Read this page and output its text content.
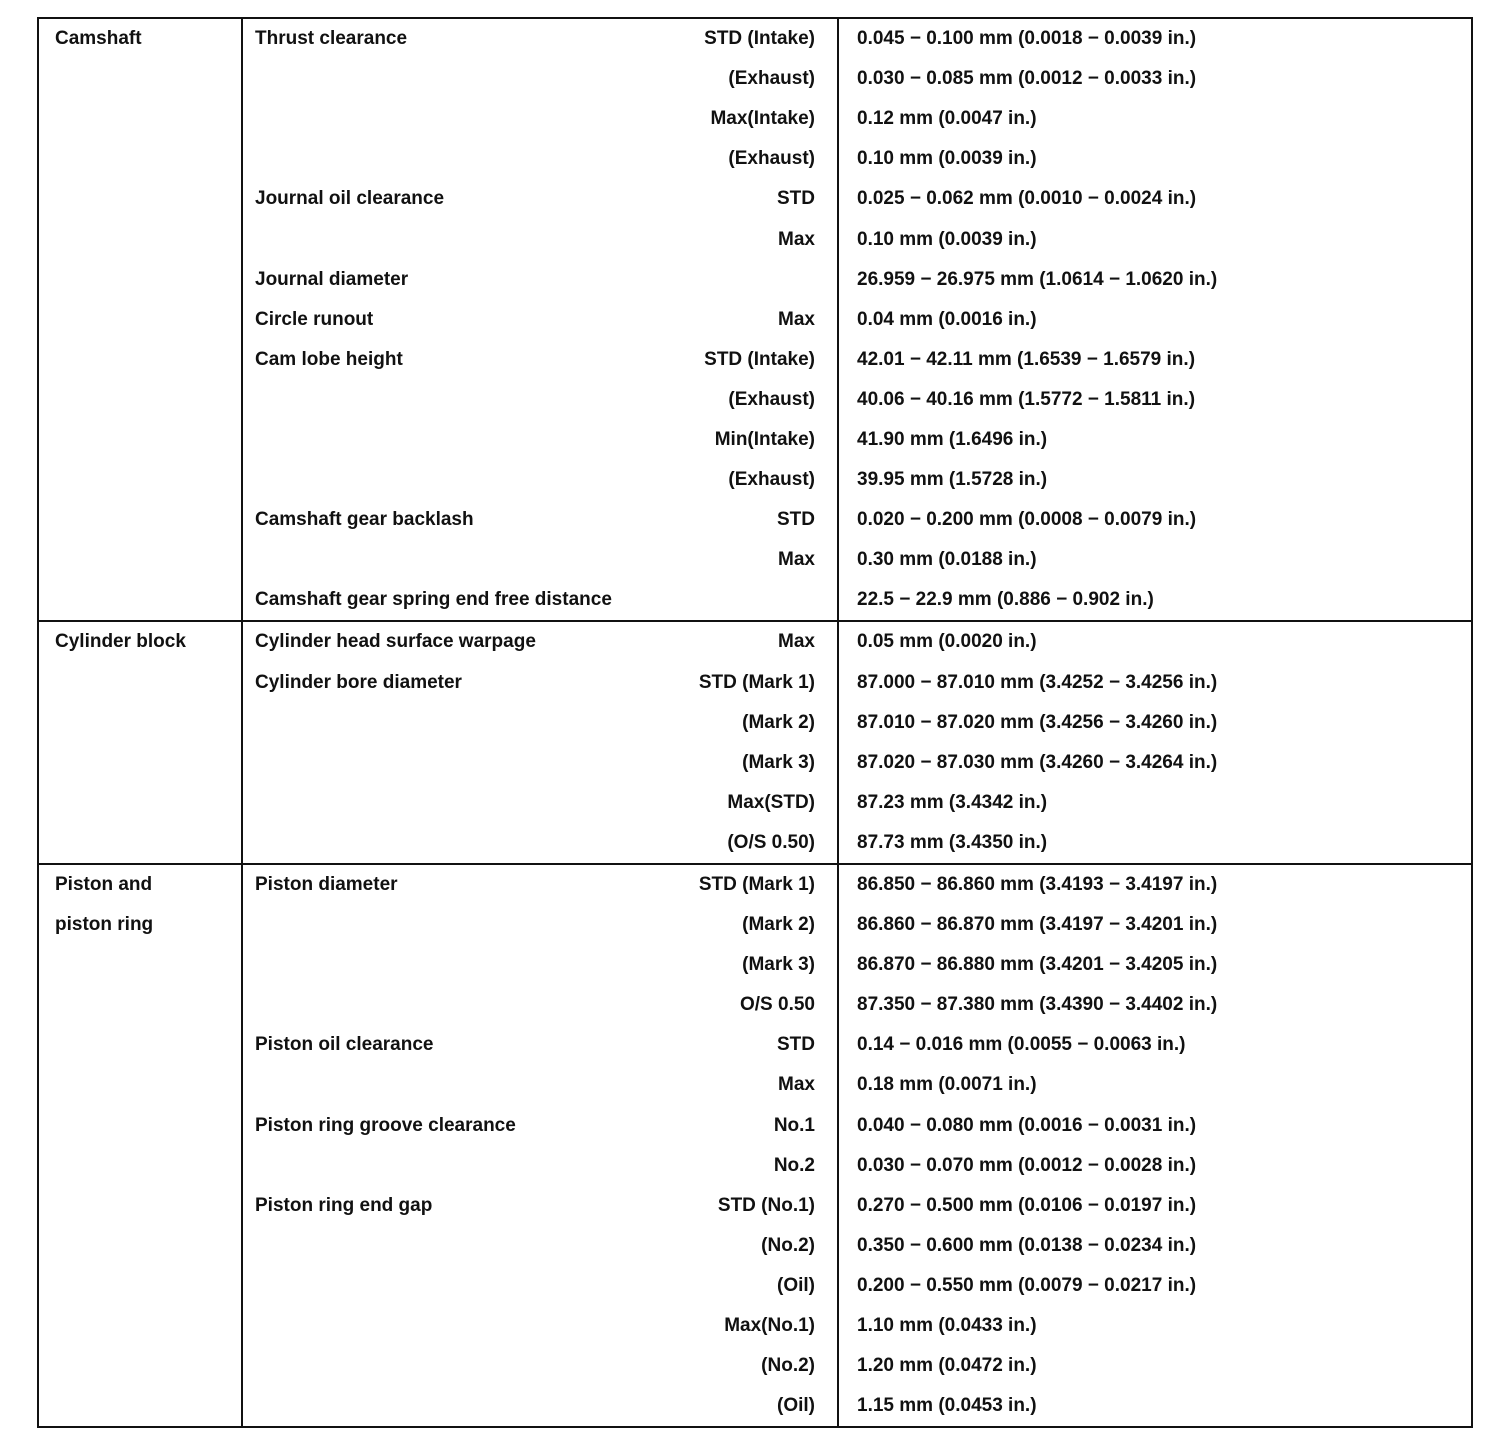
Camshaft	Thrust clearance	STD (Intake)	0.045 − 0.100 mm (0.0018 − 0.0039 in.)
		(Exhaust)	0.030 − 0.085 mm (0.0012 − 0.0033 in.)
		Max(Intake)	0.12 mm (0.0047 in.)
		(Exhaust)	0.10 mm (0.0039 in.)
	Journal oil clearance	STD	0.025 − 0.062 mm (0.0010 − 0.0024 in.)
		Max	0.10 mm (0.0039 in.)
	Journal diameter		26.959 − 26.975 mm (1.0614 − 1.0620 in.)
	Circle runout	Max	0.04 mm (0.0016 in.)
	Cam lobe height	STD (Intake)	42.01 − 42.11 mm (1.6539 − 1.6579 in.)
		(Exhaust)	40.06 − 40.16 mm (1.5772 − 1.5811 in.)
		Min(Intake)	41.90 mm (1.6496 in.)
		(Exhaust)	39.95 mm (1.5728 in.)
	Camshaft gear backlash	STD	0.020 − 0.200 mm (0.0008 − 0.0079 in.)
		Max	0.30 mm (0.0188 in.)
	Camshaft gear spring end free distance		22.5 − 22.9 mm (0.886 − 0.902 in.)

Cylinder block	Cylinder head surface warpage	Max	0.05 mm (0.0020 in.)
	Cylinder bore diameter	STD (Mark 1)	87.000 − 87.010 mm (3.4252 − 3.4256 in.)
		(Mark 2)	87.010 − 87.020 mm (3.4256 − 3.4260 in.)
		(Mark 3)	87.020 − 87.030 mm (3.4260 − 3.4264 in.)
		Max(STD)	87.23 mm (3.4342 in.)
		(O/S 0.50)	87.73 mm (3.4350 in.)

Piston and
piston ring	Piston diameter	STD (Mark 1)	86.850 − 86.860 mm (3.4193 − 3.4197 in.)
		(Mark 2)	86.860 − 86.870 mm (3.4197 − 3.4201 in.)
		(Mark 3)	86.870 − 86.880 mm (3.4201 − 3.4205 in.)
		O/S 0.50	87.350 − 87.380 mm (3.4390 − 3.4402 in.)
	Piston oil clearance	STD	0.14 − 0.016 mm (0.0055 − 0.0063 in.)
		Max	0.18 mm (0.0071 in.)
	Piston ring groove clearance	No.1	0.040 − 0.080 mm (0.0016 − 0.0031 in.)
		No.2	0.030 − 0.070 mm (0.0012 − 0.0028 in.)
	Piston ring end gap	STD (No.1)	0.270 − 0.500 mm (0.0106 − 0.0197 in.)
		(No.2)	0.350 − 0.600 mm (0.0138 − 0.0234 in.)
		(Oil)	0.200 − 0.550 mm (0.0079 − 0.0217 in.)
		Max(No.1)	1.10 mm (0.0433 in.)
		(No.2)	1.20 mm (0.0472 in.)
		(Oil)	1.15 mm (0.0453 in.)
